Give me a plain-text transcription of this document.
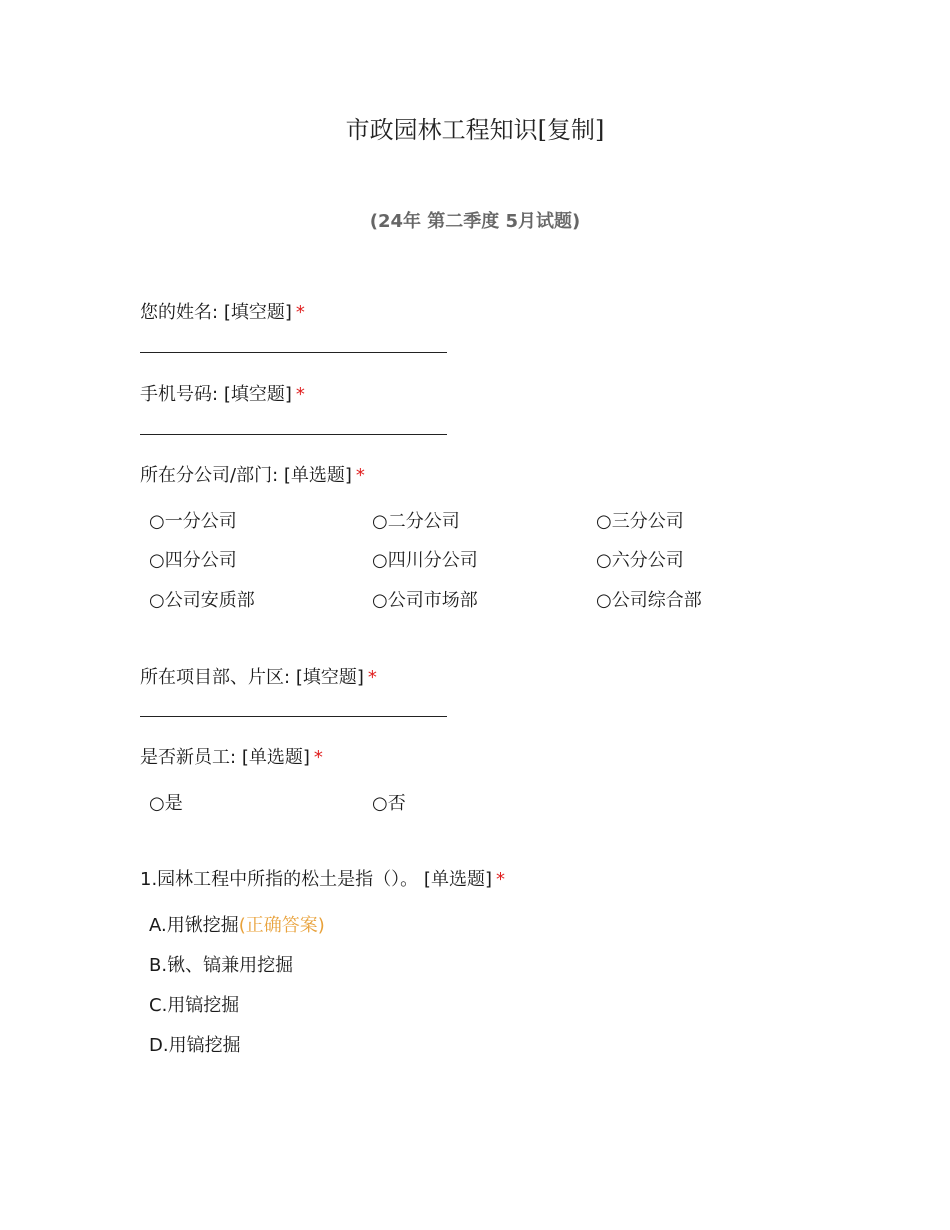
市政园林工程知识[复制]
(24年 第二季度 5月试题)
您的姓名: [填空题] *
手机号码: [填空题] *
所在分公司/部门: [单选题] *
○一分公司	○二分公司	○三分公司
○四分公司	○四川分公司	○六分公司
○公司安质部	○公司市场部	○公司综合部
所在项目部、片区: [填空题] *
是否新员工: [单选题] *
○是	○否
1.园林工程中所指的松土是指（）。 [单选题] *
A.用锹挖掘(正确答案)
B.锹、镐兼用挖掘
C.用镐挖掘
D.用镐挖掘
